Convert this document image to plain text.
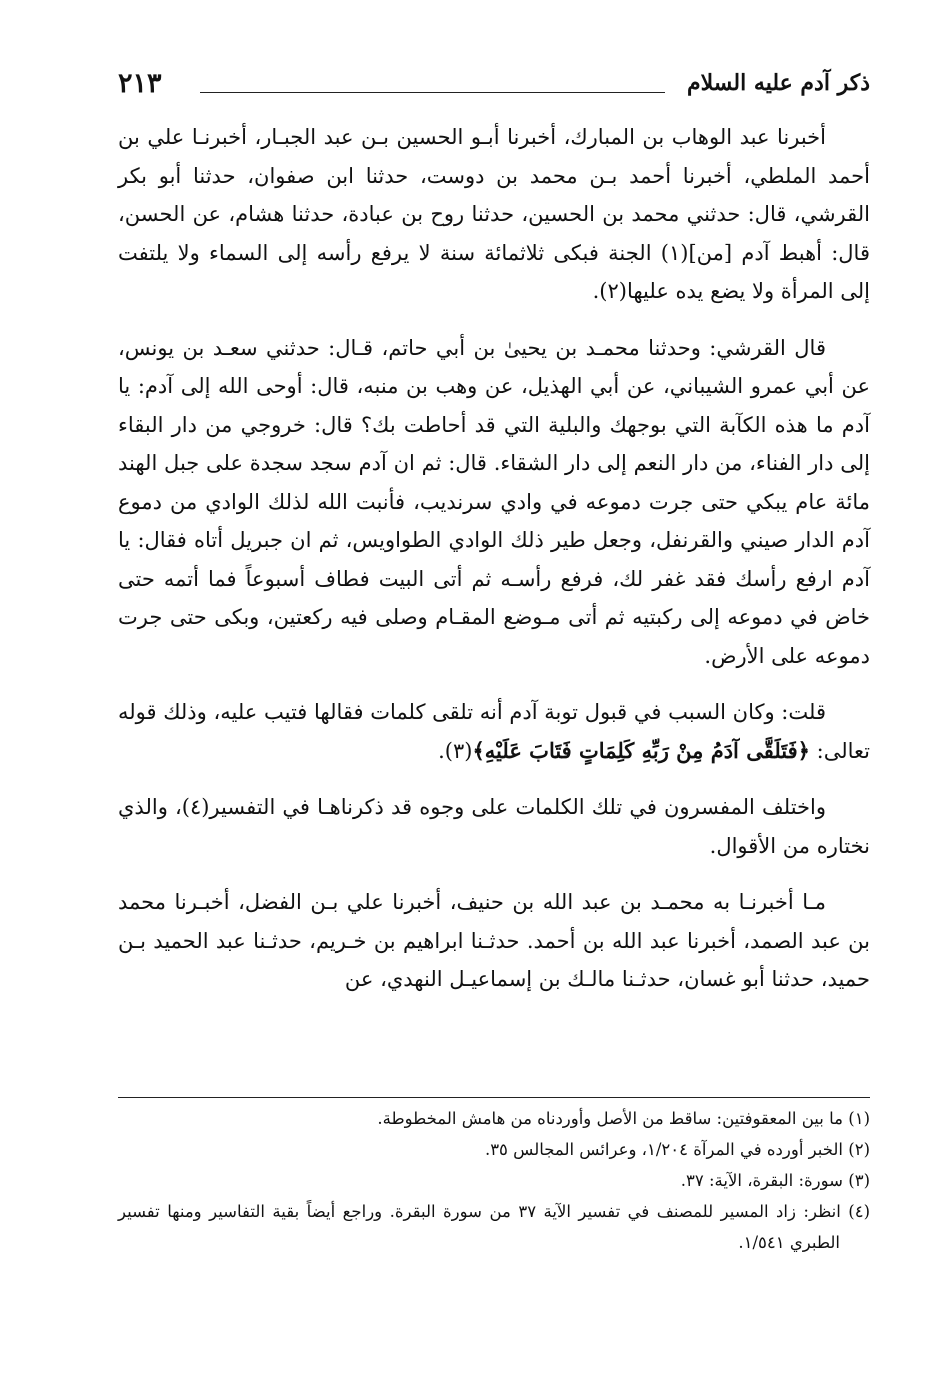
ذكر آدم عليه السلام
٢١٣

أخبرنا عبد الوهاب بن المبارك، أخبرنا أبـو الحسين بـن عبد الجبـار، أخبرنـا علي بن أحمد الملطي، أخبرنا أحمد بـن محمد بن دوست، حدثنا ابن صفوان، حدثنا أبو بكر القرشي، قال: حدثني محمد بن الحسين، حدثنا روح بن عبادة، حدثنا هشام، عن الحسن، قال: أهبط آدم [من](١) الجنة فبكى ثلاثمائة سنة لا يرفع رأسه إلى السماء ولا يلتفت إلى المرأة ولا يضع يده عليها(٢).

قال القرشي: وحدثنا محمـد بن يحيىٰ بن أبي حاتم، قـال: حدثني سعـد بن يونس، عن أبي عمرو الشيباني، عن أبي الهذيل، عن وهب بن منبه، قال: أوحى الله إلى آدم: يا آدم ما هذه الكآبة التي بوجهك والبلية التي قد أحاطت بك؟ قال: خروجي من دار البقاء إلى دار الفناء، من دار النعم إلى دار الشقاء. قال: ثم ان آدم سجد سجدة على جبل الهند مائة عام يبكي حتى جرت دموعه في وادي سرنديب، فأنبت الله لذلك الوادي من دموع آدم الدار صيني والقرنفل، وجعل طير ذلك الوادي الطواويس، ثم ان جبريل أتاه فقال: يا آدم ارفع رأسك فقد غفر لك، فرفع رأسـه ثم أتى البيت فطاف أسبوعاً فما أتمه حتى خاض في دموعه إلى ركبتيه ثم أتى مـوضع المقـام وصلى فيه ركعتين، وبكى حتى جرت دموعه على الأرض.

قلت: وكان السبب في قبول توبة آدم أنه تلقى كلمات فقالها فتيب عليه، وذلك قوله تعالى: ﴿فَتَلَقَّى آدَمُ مِنْ رَبِّهِ كَلِمَاتٍ فَتَابَ عَلَيْهِ﴾(٣).

واختلف المفسرون في تلك الكلمات على وجوه قد ذكرناهـا في التفسير(٤)، والذي نختاره من الأقوال.

مـا أخبرنـا به محمـد بن عبد الله بن حنيف، أخبرنا علي بـن الفضل، أخبـرنا محمد بن عبد الصمد، أخبرنا عبد الله بن أحمد. حدثـنا ابراهيم بن خـريم، حدثـنا عبد الحميد بـن حميد، حدثنا أبو غسان، حدثـنا مالـك بن إسماعيـل النهدي، عن

(١) ما بين المعقوفتين: ساقط من الأصل وأوردناه من هامش المخطوطة.

(٢) الخبر أورده في المرآة ١/٢٠٤، وعرائس المجالس ٣٥.

(٣) سورة: البقرة، الآية: ٣٧.

(٤) انظر: زاد المسير للمصنف في تفسير الآية ٣٧ من سورة البقرة. وراجع أيضاً بقية التفاسير ومنها تفسير الطبري ١/٥٤١.
